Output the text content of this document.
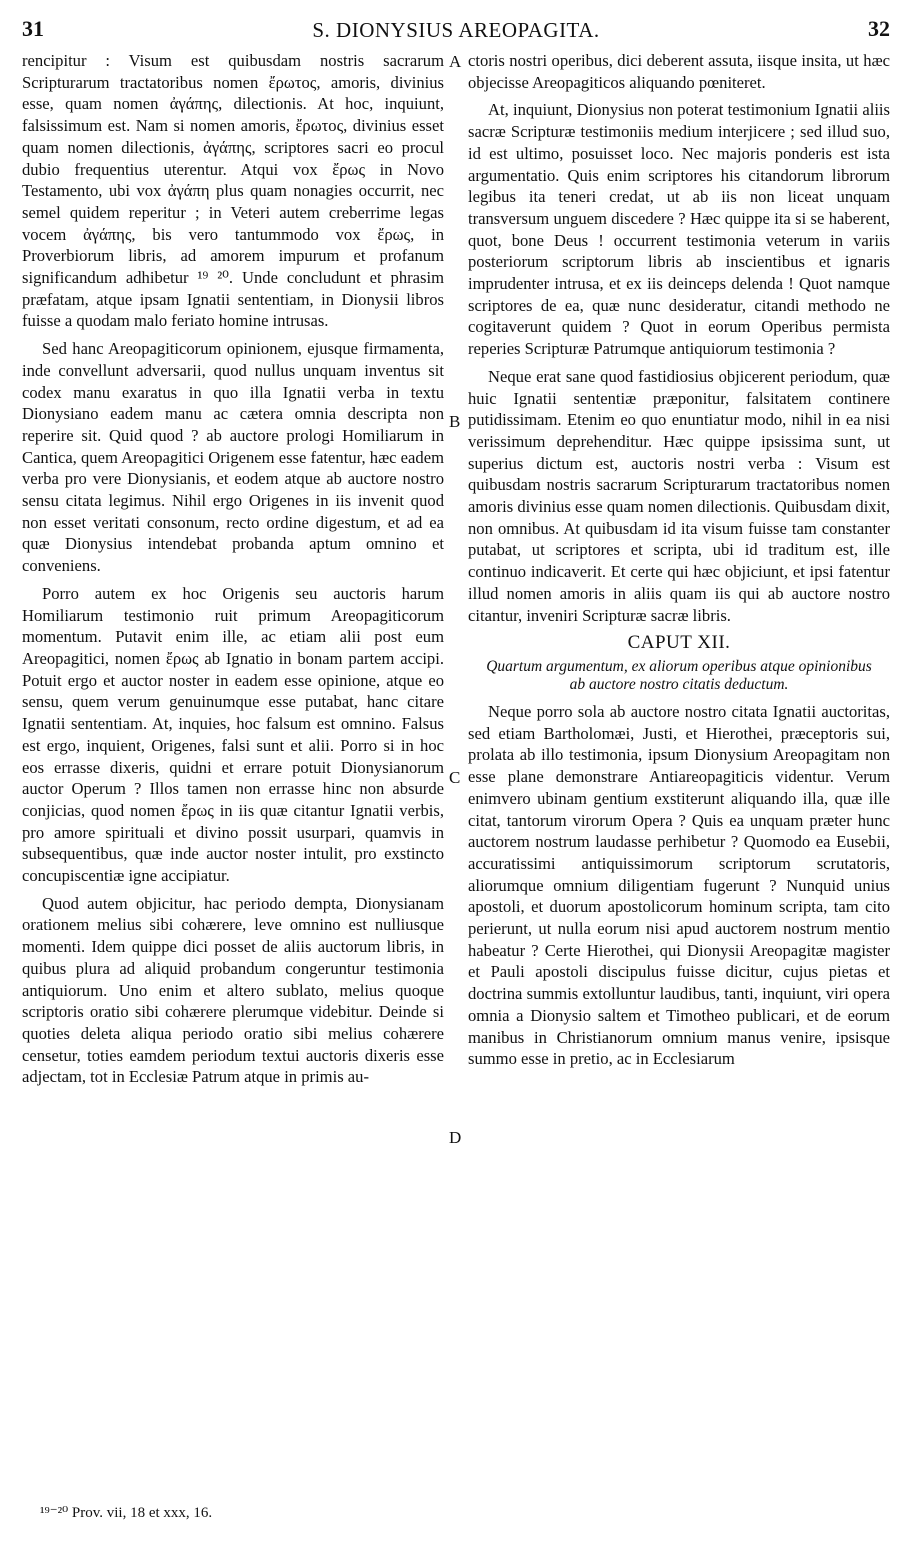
31	S. DIONYSIUS AREOPAGITA.	32

rencipitur : Visum est quibusdam nostris sacrarum Scripturarum tractatoribus nomen ἔρωτος, amoris, divinius esse, quam nomen ἀγάπης, dilectionis. At hoc, inquiunt, falsissimum est. Nam si nomen amoris, ἔρωτος, divinius esset quam nomen dilectionis, ἀγάπης, scriptores sacri eo procul dubio frequentius uterentur. Atqui vox ἔρως in Novo Testamento, ubi vox ἀγάπη plus quam nonagies occurrit, nec semel quidem reperitur ; in Veteri autem creberrime legas vocem ἀγάπης, bis vero tantummodo vox ἔρως, in Proverbiorum libris, ad amorem impurum et profanum significandum adhibetur ¹⁹ ²⁰. Unde concludunt et phrasim præfatam, atque ipsam Ignatii sententiam, in Dionysii libros fuisse a quodam malo feriato homine intrusas.

Sed hanc Areopagiticorum opinionem, ejusque firmamenta, inde convellunt adversarii, quod nullus unquam inventus sit codex manu exaratus in quo illa Ignatii verba in textu Dionysiano eadem manu ac cætera omnia descripta non reperire sit. Quid quod ? ab auctore prologi Homiliarum in Cantica, quem Areopagitici Origenem esse fatentur, hæc eadem verba pro vere Dionysianis, et eodem atque ab auctore nostro sensu citata legimus. Nihil ergo Origenes in iis invenit quod non esset veritati consonum, recto ordine digestum, et ad ea quæ Dionysius intendebat probanda aptum omnino et conveniens.

Porro autem ex hoc Origenis seu auctoris harum Homiliarum testimonio ruit primum Areopagiticorum momentum. Putavit enim ille, ac etiam alii post eum Areopagitici, nomen ἔρως ab Ignatio in bonam partem accipi. Potuit ergo et auctor noster in eadem esse opinione, atque eo sensu, quem verum genuinumque esse putabat, hanc citare Ignatii sententiam. At, inquies, hoc falsum est omnino. Falsus est ergo, inquient, Origenes, falsi sunt et alii. Porro si in hoc eos errasse dixeris, quidni et errare potuit Dionysianorum auctor Operum ? Illos tamen non errasse hinc non absurde conjicias, quod nomen ἔρως in iis quæ citantur Ignatii verbis, pro amore spirituali et divino possit usurpari, quamvis in subsequentibus, quæ inde auctor noster intulit, pro exstincto concupiscentiæ igne accipiatur.

Quod autem objicitur, hac periodo dempta, Dionysianam orationem melius sibi cohærere, leve omnino est nulliusque momenti. Idem quippe dici posset de aliis auctorum libris, in quibus plura ad aliquid probandum congeruntur testimonia antiquiorum. Uno enim et altero sublato, melius quoque scriptoris oratio sibi cohærere plerumque videbitur. Deinde si quoties deleta aliqua periodo oratio sibi melius cohærere censetur, toties eamdem periodum textui auctoris dixeris esse adjectam, tot in Ecclesiæ Patrum atque in primis au-

A
B
C
D

ctoris nostri operibus, dici deberent assuta, iisque insita, ut hæc objecisse Areopagiticos aliquando pœniteret.

At, inquiunt, Dionysius non poterat testimonium Ignatii aliis sacræ Scripturæ testimoniis medium interjicere ; sed illud suo, id est ultimo, posuisset loco. Nec majoris ponderis est ista argumentatio. Quis enim scriptores his citandorum librorum legibus ita teneri credat, ut ab iis non liceat unquam transversum unguem discedere ? Hæc quippe ita si se haberent, quot, bone Deus ! occurrent testimonia veterum in variis posteriorum scriptorum libris ab inscientibus et ignaris imprudenter intrusa, et ex iis deinceps delenda ! Quot namque scriptores de ea, quæ nunc desideratur, citandi methodo ne cogitaverunt quidem ? Quot in eorum Operibus permista reperies Scripturæ Patrumque antiquiorum testimonia ?

Neque erat sane quod fastidiosius objicerent periodum, quæ huic Ignatii sententiæ præponitur, falsitatem continere putidissimam. Etenim eo quo enuntiatur modo, nihil in ea nisi verissimum deprehenditur. Hæc quippe ipsissima sunt, ut superius dictum est, auctoris nostri verba : Visum est quibusdam nostris sacrarum Scripturarum tractatoribus nomen amoris divinius esse quam nomen dilectionis. Quibusdam dixit, non omnibus. At quibusdam id ita visum fuisse tam constanter putabat, ut scriptores et scripta, ubi id traditum est, ille continuo indicaverit. Et certe qui hæc objiciunt, et ipsi fatentur illud nomen amoris in aliis quam iis qui ab auctore nostro citantur, inveniri Scripturæ sacræ libris.

CAPUT XII.
Quartum argumentum, ex aliorum operibus atque opinionibus ab auctore nostro citatis deductum.

Neque porro sola ab auctore nostro citata Ignatii auctoritas, sed etiam Bartholomæi, Justi, et Hierothei, præceptoris sui, prolata ab illo testimonia, ipsum Dionysium Areopagitam non esse plane demonstrare Antiareopagiticis videntur. Verum enimvero ubinam gentium exstiterunt aliquando illa, quæ ille citat, tantorum virorum Opera ? Quis ea unquam præter hunc auctorem nostrum laudasse perhibetur ? Quomodo ea Eusebii, accuratissimi antiquissimorum scriptorum scrutatoris, aliorumque omnium diligentiam fugerunt ? Nunquid unius apostoli, et duorum apostolicorum hominum scripta, tam cito perierunt, ut nulla eorum nisi apud auctorem nostrum mentio habeatur ? Certe Hierothei, qui Dionysii Areopagitæ magister et Pauli apostoli discipulus fuisse dicitur, cujus pietas et doctrina summis extolluntur laudibus, tanti, inquiunt, viri opera omnia a Dionysio saltem et Timotheo publicari, et de eorum manibus in Christianorum omnium manus venire, ipsisque summo esse in pretio, ac in Ecclesiarum

¹⁹⁻²⁰ Prov. vii, 18 et xxx, 16.
